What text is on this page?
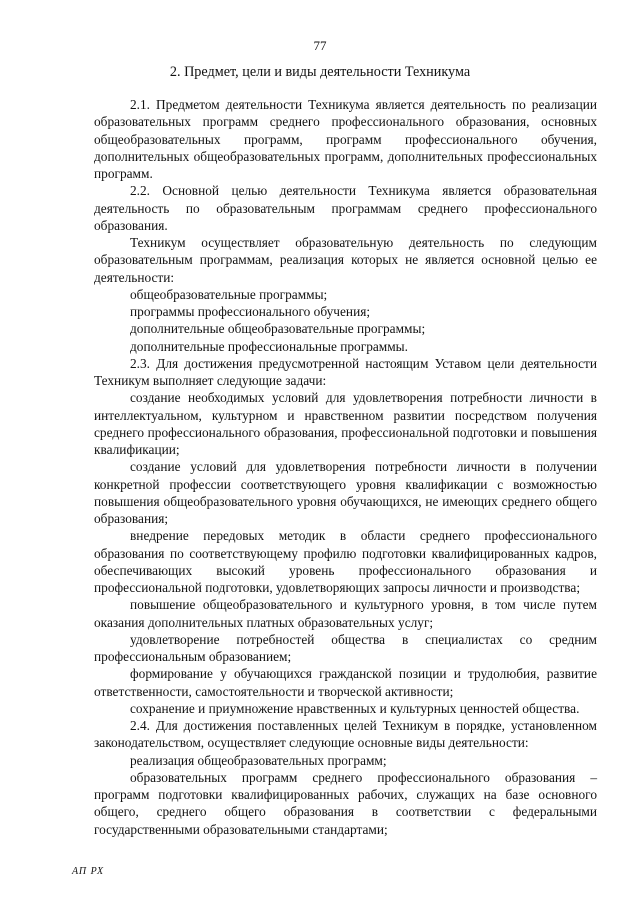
77
2. Предмет, цели и виды деятельности Техникума

2.1. Предметом деятельности Техникума является деятельность по реализации образовательных программ среднего профессионального образования, основных общеобразовательных программ, программ профессионального обучения, дополнительных общеобразовательных программ, дополнительных профессиональных программ.

2.2. Основной целью деятельности Техникума является образовательная деятельность по образовательным программам среднего профессионального образования.

Техникум осуществляет образовательную деятельность по следующим образовательным программам, реализация которых не является основной целью ее деятельности:

общеобразовательные программы;

программы профессионального обучения;

дополнительные общеобразовательные программы;

дополнительные профессиональные программы.

2.3. Для достижения предусмотренной настоящим Уставом цели деятельности Техникум выполняет следующие задачи:

создание необходимых условий для удовлетворения потребности личности в интеллектуальном, культурном и нравственном развитии посредством получения среднего профессионального образования, профессиональной подготовки и повышения квалификации;

создание условий для удовлетворения потребности личности в получении конкретной профессии соответствующего уровня квалификации с возможностью повышения общеобразовательного уровня обучающихся, не имеющих среднего общего образования;

внедрение передовых методик в области среднего профессионального образования по соответствующему профилю подготовки квалифицированных кадров, обеспечивающих высокий уровень профессионального образования и профессиональной подготовки, удовлетворяющих запросы личности и производства;

повышение общеобразовательного и культурного уровня, в том числе путем оказания дополнительных платных образовательных услуг;

удовлетворение потребностей общества в специалистах со средним профессиональным образованием;

формирование у обучающихся гражданской позиции и трудолюбия, развитие ответственности, самостоятельности и творческой активности;

сохранение и приумножение нравственных и культурных ценностей общества.

2.4. Для достижения поставленных целей Техникум в порядке, установленном законодательством, осуществляет следующие основные виды деятельности:

реализация общеобразовательных программ;

образовательных программ среднего профессионального образования – программ подготовки квалифицированных рабочих, служащих на базе основного общего, среднего общего образования в соответствии с федеральными государственными образовательными стандартами;

АП РХ
